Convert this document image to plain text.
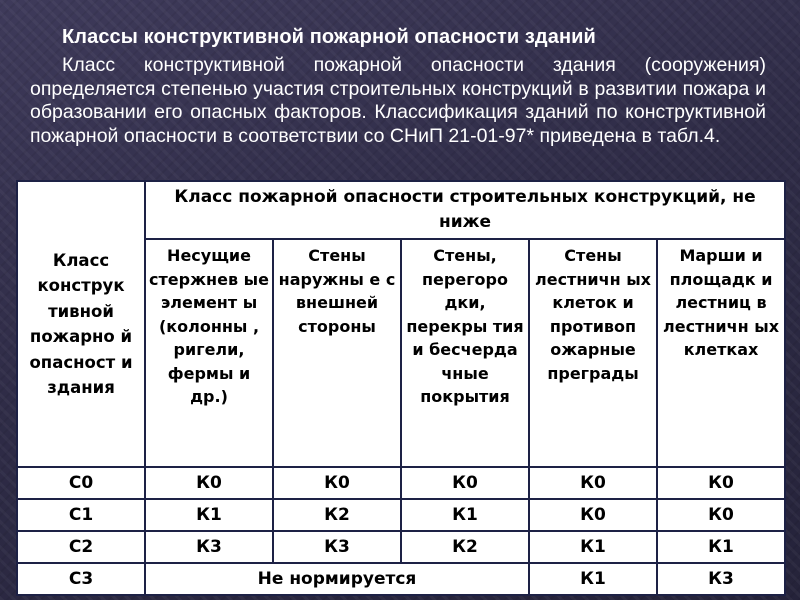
Классы конструктивной пожарной опасности зданий
Класс конструктивной пожарной опасности здания (сооружения) определяется степенью участия строительных конструкций в развитии пожара и образовании его опасных факторов. Классификация зданий по конструктивной пожарной опасности в соответствии со СНиП 21-01-97* приведена в табл.4.
Класс конструк тивной пожарно й опасност и здания	Класс пожарной опасности строительных конструкций, не ниже				
	Несущие стержнев ые элемент ы (колонны , ригели, фермы и др.)	Стены наружны е с внешней стороны	Стены, перегоро дки, перекры тия и бесчерда чные покрытия	Стены лестничн ых клеток и противоп ожарные преграды	Марши и площадк и лестниц в лестничн ых клетках
С0	К0	К0	К0	К0	К0
С1	К1	К2	К1	К0	К0
С2	К3	К3	К2	К1	К1
С3	Не нормируется			К1	К3
